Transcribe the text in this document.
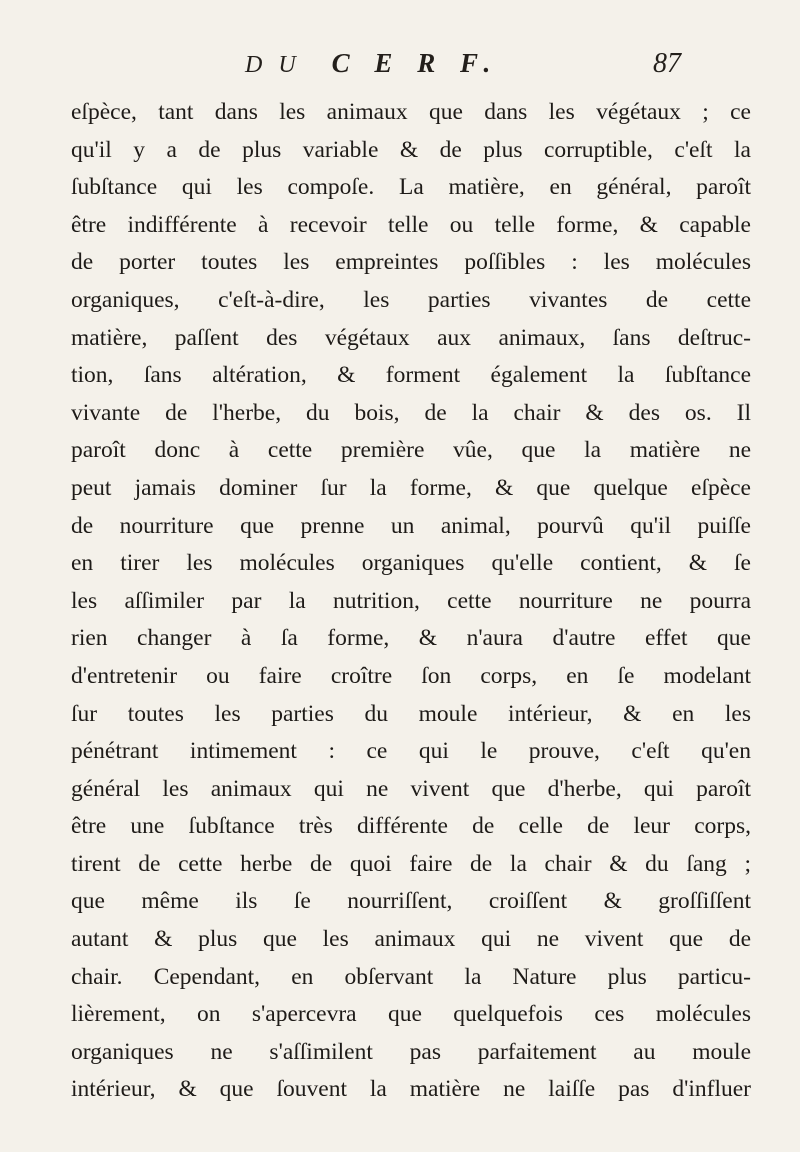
D U C E R F.	87
eſpèce, tant dans les animaux que dans les végétaux ; ce
qu'il y a de plus variable & de plus corruptible, c'eſt la
ſubſtance qui les compoſe. La matière, en général, paroît
être indifférente à recevoir telle ou telle forme, & capable
de porter toutes les empreintes poſſibles : les molécules
organiques, c'eſt-à-dire, les parties vivantes de cette
matière, paſſent des végétaux aux animaux, ſans deſtruc-
tion, ſans altération, & forment également la ſubſtance
vivante de l'herbe, du bois, de la chair & des os. Il
paroît donc à cette première vûe, que la matière ne
peut jamais dominer ſur la forme, & que quelque eſpèce
de nourriture que prenne un animal, pourvû qu'il puiſſe
en tirer les molécules organiques qu'elle contient, & ſe
les aſſimiler par la nutrition, cette nourriture ne pourra
rien changer à ſa forme, & n'aura d'autre effet que
d'entretenir ou faire croître ſon corps, en ſe modelant
ſur toutes les parties du moule intérieur, & en les
pénétrant intimement : ce qui le prouve, c'eſt qu'en
général les animaux qui ne vivent que d'herbe, qui paroît
être une ſubſtance très différente de celle de leur corps,
tirent de cette herbe de quoi faire de la chair & du ſang ;
que même ils ſe nourriſſent, croiſſent & groſſiſſent
autant & plus que les animaux qui ne vivent que de
chair. Cependant, en obſervant la Nature plus particu-
lièrement, on s'apercevra que quelquefois ces molécules
organiques ne s'aſſimilent pas parfaitement au moule
intérieur, & que ſouvent la matière ne laiſſe pas d'influer
